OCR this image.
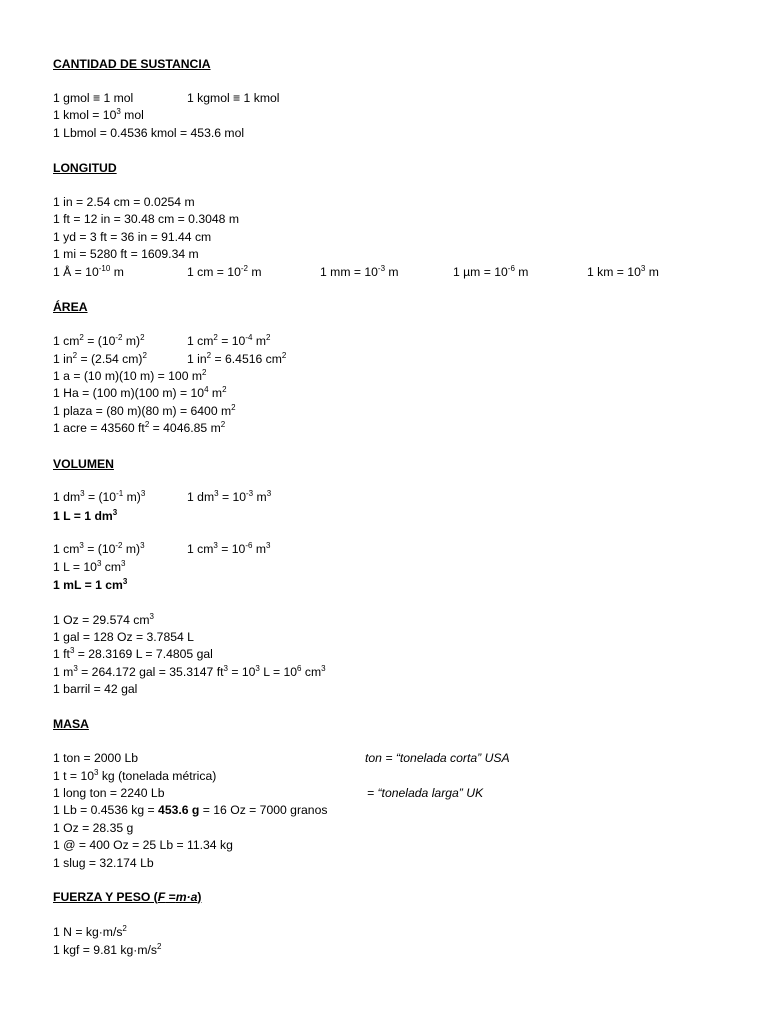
CANTIDAD DE SUSTANCIA
1 gmol ≡ 1 mol	1 kgmol ≡ 1 kmol
1 kmol = $10^3$ mol
1 Lbmol = 0.4536 kmol = 453.6 mol
LONGITUD
1 in = 2.54 cm = 0.0254 m
1 ft = 12 in = 30.48 cm = 0.3048 m
1 yd = 3 ft = 36 in = 91.44 cm
1 mi = 5280 ft = 1609.34 m
1 Å = $10^{-10}$ m	1 cm = $10^{-2}$ m	1 mm = $10^{-3}$ m	1 $\mu m = 10^{-6}$ m	1 km = $10^3$ m
ÁREA
1 $cm^2 = (10^{-2}$ m)$^2$	1 $cm^2 = 10^{-4}$ $m^2$
1 $in^2 = (2.54$ cm)$^2$	1 $in^2 = 6.4516$ $cm^2$
1 a = (10 m)(10 m) = 100 $m^2$
1 Ha = (100 m)(100 $m) = 10^4$ $m^2$
1 plaza = (80 m)(80 m) = 6400 $m^2$
1 acre = 43560 $ft^2 = 4046.85$ $m^2$
VOLUMEN
1 $dm^3 = (10^{-1}$ m)$^3$	1 $dm^3 = 10^{-3}$ $m^3$
1 L = 1 $dm^3$
1 $cm^3 = (10^{-2}$ m)$^3$	1 $cm^3 = 10^{-6}$ $m^3$
1 $L = 10^3$ $cm^3$
1 mL = 1 $cm^3$
1 Oz = 29.574 $cm^3$
1 gal = 128 Oz = 3.7854 L
1 $ft^3 = 28.3169$ L = 7.4805 gal
1 $m^3 = 264.172$ gal = 35.3147 $ft^3 = 10^3$ $L = 10^6$ $cm^3$
1 barril = 42 gal
MASA
1 ton = 2000 Lb	ton = “tonelada corta” USA
1 $t = 10^3$ kg (tonelada métrica)
1 long ton = 2240 Lb	= “tonelada larga” UK
1 Lb = 0.4536 kg = 453.6 g = 16 Oz = 7000 granos
1 Oz = 28.35 g
1 @ = 400 Oz = 25 Lb = 11.34 kg
1 slug = 32.174 Lb
FUERZA Y PESO (F =m·a)
1 $N = kg\cdot m/s^2$
1 kgf = 9.81 $kg\cdot m/s^2$
